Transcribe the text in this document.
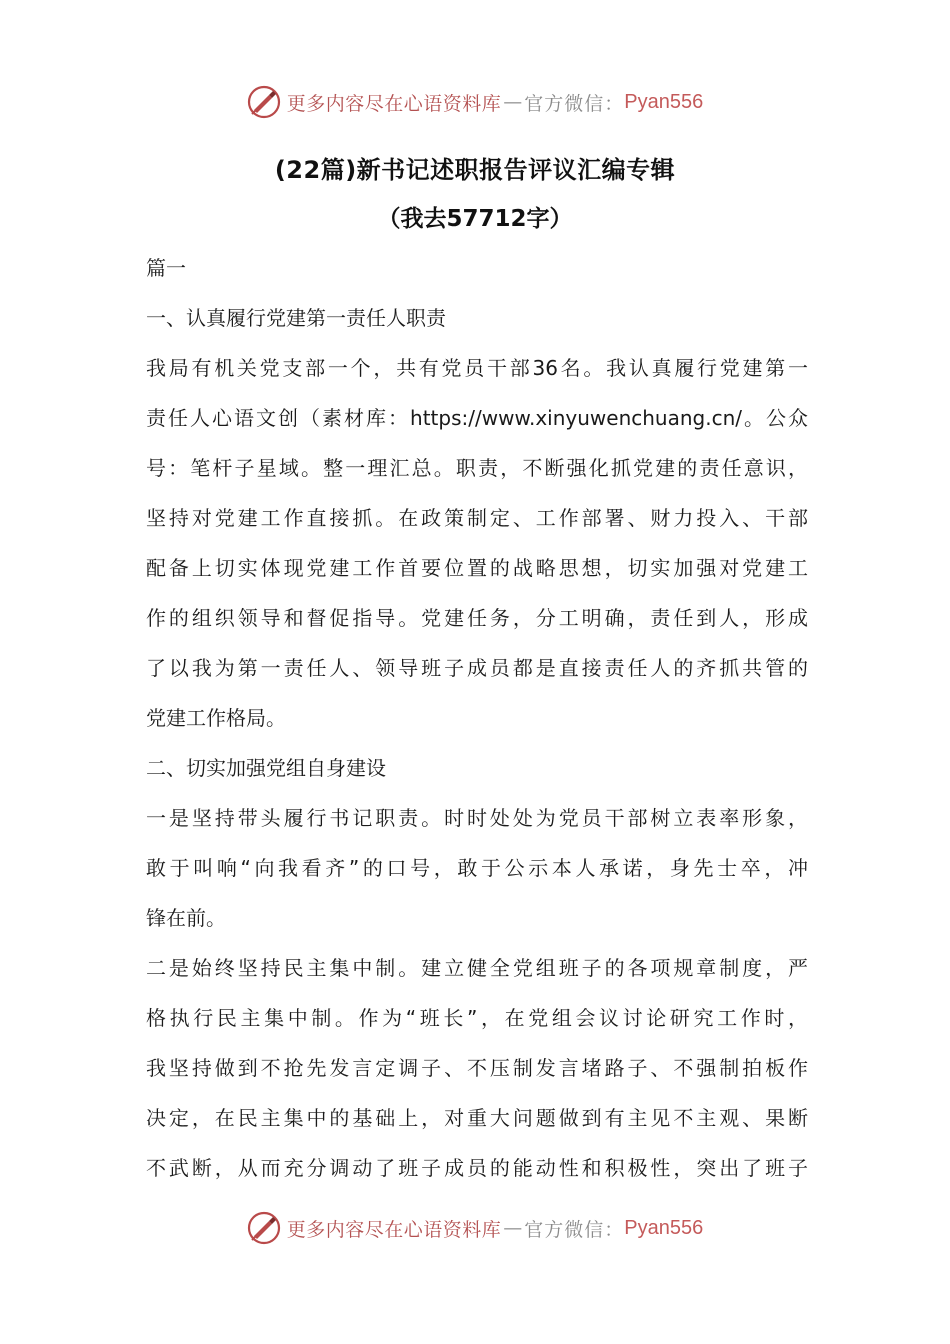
更多内容尽在心语资料库 — 官方微信： Pyan556
(22篇)新书记述职报告评议汇编专辑
（我去57712字）
篇一
一、认真履行党建第一责任人职责
我局有机关党支部一个，共有党员干部36名。我认真履行党建第一
责任人心语文创（素材库：https://www.xinyuwenchuang.cn/。公众
号：笔杆子星域。整一理汇总。职责，不断强化抓党建的责任意识，
坚持对党建工作直接抓。在政策制定、工作部署、财力投入、干部
配备上切实体现党建工作首要位置的战略思想，切实加强对党建工
作的组织领导和督促指导。党建任务，分工明确，责任到人，形成
了以我为第一责任人、领导班子成员都是直接责任人的齐抓共管的
党建工作格局。
二、切实加强党组自身建设
一是坚持带头履行书记职责。时时处处为党员干部树立表率形象，
敢于叫响“向我看齐”的口号，敢于公示本人承诺，身先士卒，冲
锋在前。
二是始终坚持民主集中制。建立健全党组班子的各项规章制度，严
格执行民主集中制。作为“班长”，在党组会议讨论研究工作时，
我坚持做到不抢先发言定调子、不压制发言堵路子、不强制拍板作
决定，在民主集中的基础上，对重大问题做到有主见不主观、果断
不武断，从而充分调动了班子成员的能动性和积极性，突出了班子
更多内容尽在心语资料库 — 官方微信： Pyan556
